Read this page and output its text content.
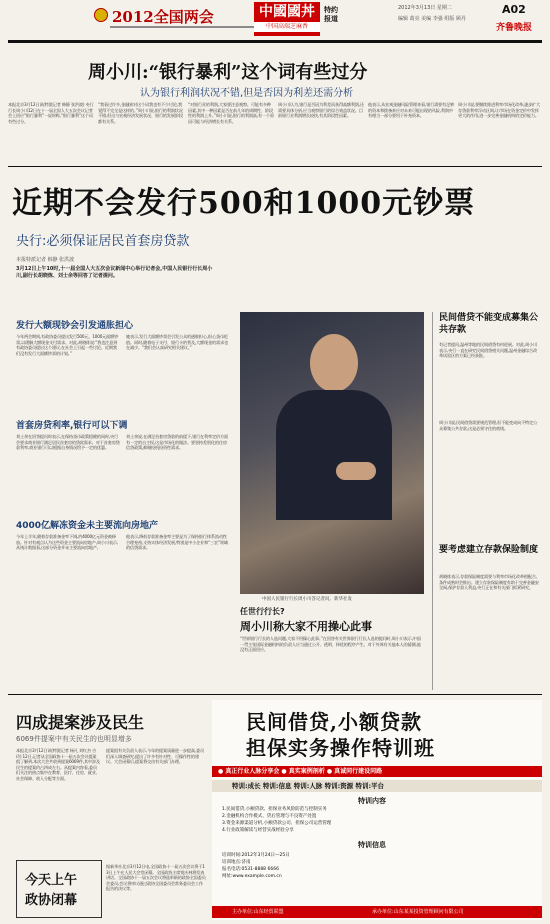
2012全国两会	中國國丼
中国高端芝麻香
特约
报道
2012年3月13日 星期二
编辑 葛亮 美编 李强 组版 顾丹
A02
齐鲁晚报
周小川:“银行暴利”这个词有些过分
认为银行利润状况不错,但是否因为利差还需分析
本报北京3月12日讯(特派记者 韩静 张洪波) 央行行长周小川12日在十一届全国人大五次会议记者会上回应“银行暴利”一说时称,“银行暴利”这个词有些过分。
“我看过许多,金融界对这个词我也有不少讨论,我觉得不完全是这样的。”周小川说,银行的利润状况不错,但这与宏观经济发展状况、银行的发展阶段都有关系。
“对银行业的利润,大家要注意观察。可能有多种因素,其中一种因素是否在前几年的周期性、阶段性的利润上升。”周小川说,银行的利润高,有一个原因可能与经济增长有关系。
周小川认为,银行是否因为利差而获得高额利润,还需要具体分析,应当观察银行的综合效益状况。目前银行业利润增长较快,有其阶段性因素。
他表示,从宏观金融风险管理来看,银行需要有足够的资本和拨备来应对未来可能出现的风险,利润中有相当一部分要用于补充资本。
周小川说,要继续推进利率市场化改革,逐步扩大存贷款利率浮动区间,让市场在资金定价中发挥更大的作用,进一步完善金融机构的定价能力。
近期不会发行500和1000元钞票
央行:必须保证居民首套房贷款
本报特派记者 韩静 张洪波
3月12日上午10时,十一届全国人大五次会议新闻中心举行记者会,中国人民银行行长周小川,副行长胡晓炼、刘士余等回答了记者提问。
发行大额现钞会引发通胀担心
今年两会期间,有政协委员提出发行500元、1000元面额钞票,以缓解大额现金支付需求。对此,胡晓炼说:“我也注意到有政协委员提出这个建议,在社会上引起一些讨论。近期我们没有发行大面额钞票的计划。”
她表示,发行大面额钞票会引发公众的通胀担心,担心货币贬值。同时,随着电子支付、银行卡的普及,大额现金的需求也在减少。“我们会认真研究相关建议。”
首套房贷利率,银行可以下调
刘士余在回答提问时表示,在保持货币政策稳健的同时,央行会要求商业银行满足居民首套房的贷款需求。对于首套房贷款利率,商业银行可以根据自身情况给予一定的优惠。
刘士余说,在满足首套房贷款的前提下,银行在利率定价方面有一定的自主权,这是市场化的做法。要坚持差别化的住房信贷政策,抑制投机投资性需求。
4000亿解冻资金未主要流向房地产
今年上半年,随着存款准备金率下调,约4000亿元资金被释放。针对有观点认为这些资金主要流向房地产,周小川表示,从统计数据看,这部分资金并未主要流向房地产。
他表示,降低存款准备金率主要是为了保持银行体系流动性合理充裕,支持实体经济发展,特别是中小企业和“三农”领域的信贷需求。
中国人民银行行长周小川答记者问。新华社发
任世行行长?
周小川称大家不用操心此事
“世界银行行长的人选问题,大家不用操心此事。”在回答有关世界银行行长人选的提问时,周小川表示,中国一贯主张国际金融机构的负责人应当通过公开、透明、择优的程序产生。对于外界有关他本人的猜测,他没有正面回应。
民间借贷不能变成募集公共存款
有记者提问,温州等地的民间借贷有何进展。对此,周小川表示,央行一直在研究民间借贷相关问题,温州金融综合改革试验区的方案已经获批。
周小川说,民间借贷需要规范管理,但不能变成向不特定公众募集公共存款,这是必须守住的底线。
要考虑建立存款保险制度
胡晓炼表示,存款保险制度需要与利率市场化改革相配合,条件成熟时会推出。建立存款保险制度有助于完善金融安全网,保护存款人利益,央行正在和有关部门抓紧研究。
四成提案涉及民生
6069件提案中有关民生的也明显增多
本报北京3月12日讯(特派记者 杨凡 刘红杰 吉玲) 12日,记者从全国政协十一届五次会议提案组了解到,本次大会共收到提案6069件,其中涉及民生的提案约占四成左右。从提案内容看,委员们关注的热点集中在教育、医疗、住房、就业、社会保障、收入分配等方面。
提案组有关负责人表示,今年的提案质量进一步提高,委员们深入调查研究,提出了许多有针对性、可操作性的建议。大会闭幕后,提案将交由有关部门办理。
今天上午
政协闭幕
据新华社北京3月12日电,全国政协十一届五次会议将于13日上午在人民大会堂闭幕。全国政协主席贾庆林将发表讲话。全国政协十一届五次会议将选举新的政协全国委员会委员,会议将审议通过政协全国委员会常务委员会工作报告的决议等。
民间借贷,小额贷款
担保实务操作特训班
● 真正行业人脉分享会 ● 真实案例剖析 ● 真诚同行建设同路
特训:成长 特训:信息 特训:人脉 特训:资源 特训:平台
特训内容
1.民间借贷,小额贷款、担保业务风险防范与控制实务
2.金融机构合作模式、贷后管理与不良资产处置
3.资金来源渠道分析,小额贷款公司、担保公司运营管理
4.行业政策解读与经营实战经验分享
特训信息
培训时间:2012年3月24日—25日
培训地点:济南
报名电话:0531-8888 6666
网址:www.example.com.cn
主办单位:山东经贸联盟	承办单位:山东某某投资管理顾问有限公司
